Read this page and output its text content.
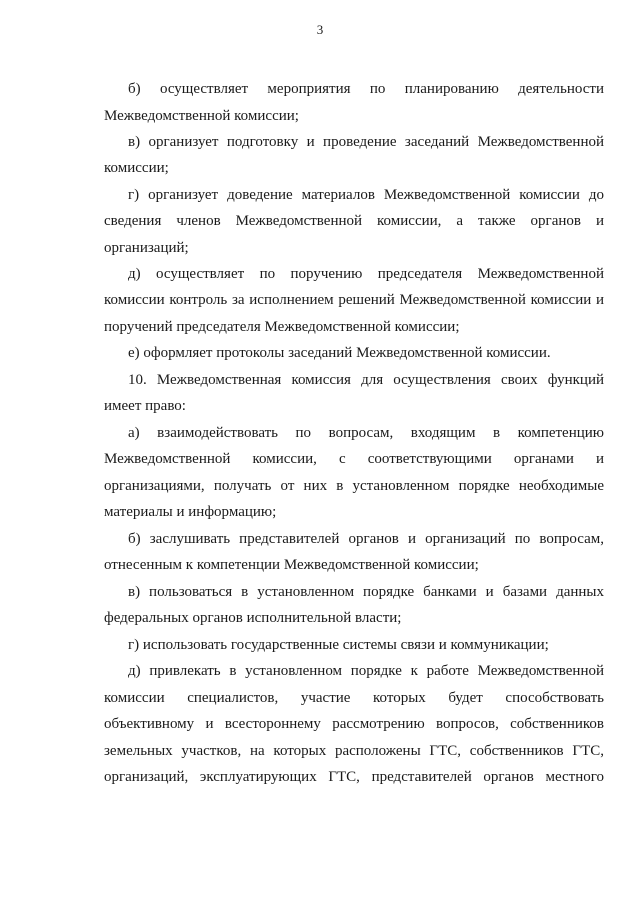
3
б) осуществляет мероприятия по планированию деятельности
Межведомственной комиссии;
в) организует подготовку и проведение заседаний Межведомственной
комиссии;
г) организует доведение материалов Межведомственной комиссии до
сведения членов Межведомственной комиссии, а также органов и
организаций;
д) осуществляет по поручению председателя Межведомственной
комиссии контроль за исполнением решений Межведомственной комиссии и
поручений председателя Межведомственной комиссии;
е) оформляет протоколы заседаний Межведомственной комиссии.
10. Межведомственная комиссия для осуществления своих функций
имеет право:
а) взаимодействовать по вопросам, входящим в компетенцию
Межведомственной комиссии, с соответствующими органами и
организациями, получать от них в установленном порядке необходимые
материалы и информацию;
б) заслушивать представителей органов и организаций по вопросам,
отнесенным к компетенции Межведомственной комиссии;
в) пользоваться в установленном порядке банками и базами данных
федеральных органов исполнительной власти;
г) использовать государственные системы связи и коммуникации;
д) привлекать в установленном порядке к работе Межведомственной
комиссии специалистов, участие которых будет способствовать
объективному и всестороннему рассмотрению вопросов, собственников
земельных участков, на которых расположены ГТС, собственников ГТС,
организаций, эксплуатирующих ГТС, представителей органов местного
